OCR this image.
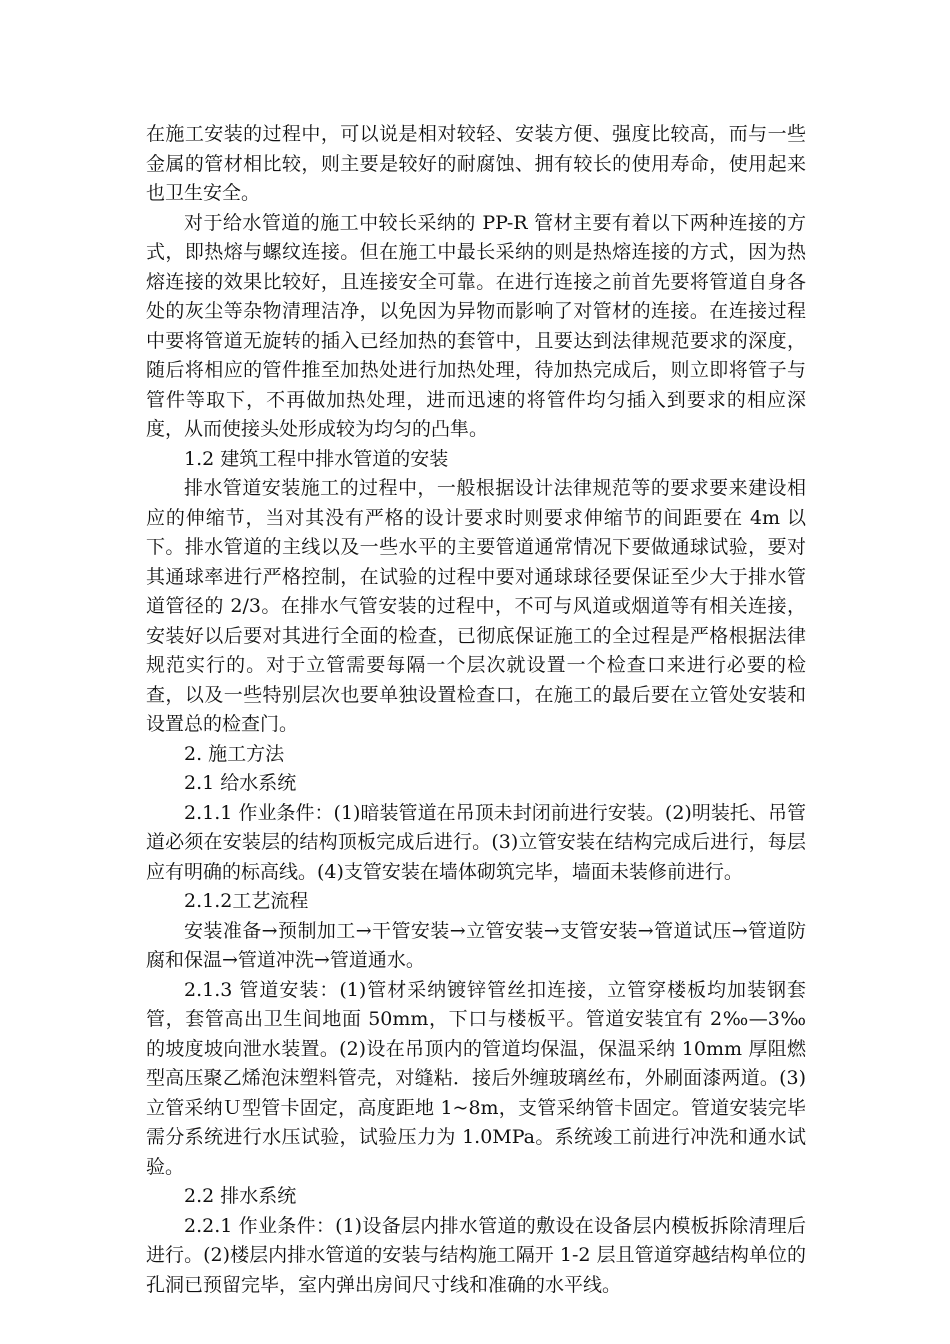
在施工安装的过程中，可以说是相对较轻、安装方便、强度比较高，而与一些金属的管材相比较，则主要是较好的耐腐蚀、拥有较长的使用寿命，使用起来也卫生安全。

对于给水管道的施工中较长采纳的 PP-R 管材主要有着以下两种连接的方式，即热熔与螺纹连接。但在施工中最长采纳的则是热熔连接的方式，因为热熔连接的效果比较好，且连接安全可靠。在进行连接之前首先要将管道自身各处的灰尘等杂物清理洁净，以免因为异物而影响了对管材的连接。在连接过程中要将管道无旋转的插入已经加热的套管中，且要达到法律规范要求的深度，随后将相应的管件推至加热处进行加热处理，待加热完成后，则立即将管子与管件等取下，不再做加热处理，进而迅速的将管件均匀插入到要求的相应深度，从而使接头处形成较为均匀的凸隼。

1.2 建筑工程中排水管道的安装

排水管道安装施工的过程中，一般根据设计法律规范等的要求要来建设相应的伸缩节，当对其没有严格的设计要求时则要求伸缩节的间距要在 4m 以下。排水管道的主线以及一些水平的主要管道通常情况下要做通球试验，要对其通球率进行严格控制，在试验的过程中要对通球球径要保证至少大于排水管道管径的 2/3。在排水气管安装的过程中，不可与风道或烟道等有相关连接，安装好以后要对其进行全面的检查，已彻底保证施工的全过程是严格根据法律规范实行的。对于立管需要每隔一个层次就设置一个检查口来进行必要的检查，以及一些特别层次也要单独设置检查口，在施工的最后要在立管处安装和设置总的检查门。

2. 施工方法

2.1 给水系统

2.1.1 作业条件：(1)暗装管道在吊顶未封闭前进行安装。(2)明装托、吊管道必须在安装层的结构顶板完成后进行。(3)立管安装在结构完成后进行，每层应有明确的标高线。(4)支管安装在墙体砌筑完毕，墙面未装修前进行。

2.1.2工艺流程

安装准备→预制加工→干管安装→立管安装→支管安装→管道试压→管道防腐和保温→管道冲洗→管道通水。

2.1.3 管道安装：(1)管材采纳镀锌管丝扣连接，立管穿楼板均加装钢套管，套管高出卫生间地面 50mm，下口与楼板平。管道安装宜有 2‰—3‰的坡度坡向泄水装置。(2)设在吊顶内的管道均保温，保温采纳 10mm 厚阻燃型高压聚乙烯泡沫塑料管壳，对缝粘．接后外缠玻璃丝布，外刷面漆两道。(3)立管采纳Ｕ型管卡固定，高度距地 1~8m，支管采纳管卡固定。管道安装完毕需分系统进行水压试验，试验压力为 1.0MPa。系统竣工前进行冲洗和通水试验。

2.2 排水系统

2.2.1 作业条件：(1)设备层内排水管道的敷设在设备层内模板拆除清理后进行。(2)楼层内排水管道的安装与结构施工隔开 1-2 层且管道穿越结构单位的孔洞已预留完毕，室内弹出房间尺寸线和准确的水平线。
